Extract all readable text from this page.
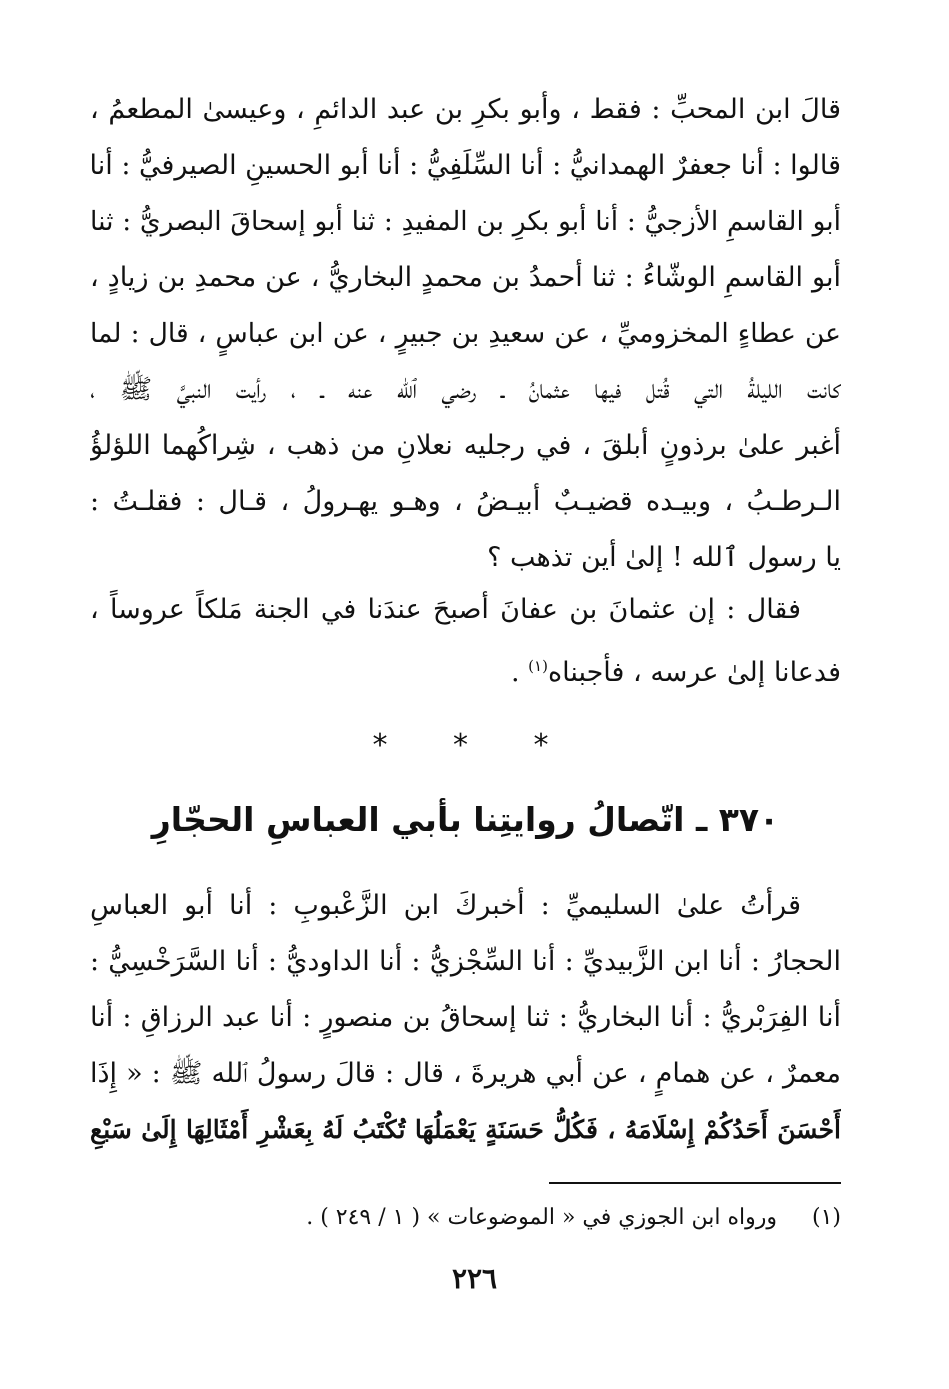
قالَ ابن المحبِّ : فقط ، وأبو بكرِ بن عبد الدائمِ ، وعيسىٰ المطعمُ ،
قالوا : أنا جعفرٌ الهمدانيُّ : أنا السِّلَفِيُّ : أنا أبو الحسينِ الصيرفيُّ : أنا
أبو القاسمِ الأزجيُّ : أنا أبو بكرِ بن المفيدِ : ثنا أبو إسحاقَ البصريُّ : ثنا
أبو القاسمِ الوشّاءُ : ثنا أحمدُ بن محمدٍ البخاريُّ ، عن محمدِ بن زيادٍ ،
عن عطاءٍ المخزوميِّ ، عن سعيدِ بن جبيرٍ ، عن ابن عباسٍ ، قال : لما
كانت الليلةُ التي قُتل فيها عثمانُ ـ رضي ٱلله عنه ـ ، رأيت النبيَّ ﷺ ،
أغبر علىٰ برذونٍ أبلقَ ، في رجليه نعلانِ من ذهب ، شِراكُهما اللؤلؤُ
الـرطـبُ ، وبيـده قضيـبٌ أبيـضُ ، وهـو يهـرولُ ، قـال : فقلـتُ :
يا رسول ٱلله ! إلىٰ أين تذهب ؟
فقال : إن عثمانَ بن عفانَ أصبحَ عندَنا في الجنة مَلكاً عروساً ،
فدعانا إلىٰ عرسه ، فأجبناه$^{(١)}$ .
* * *
٣٧٠ ـ اتّصالُ روايتِنا بأبي العباسِ الحجّارِ
قرأتُ علىٰ السليميِّ : أخبركَ ابن الزَّعْبوبِ : أنا أبو العباسِ
الحجارُ : أنا ابن الزَّبيديِّ : أنا السِّجْزيُّ : أنا الداوديُّ : أنا السَّرَخْسِيُّ :
أنا الفِرَبْريُّ : أنا البخاريُّ : ثنا إسحاقُ بن منصورٍ : أنا عبد الرزاقِ : أنا
معمرٌ ، عن همامٍ ، عن أبي هريرةَ ، قال : قالَ رسولُ ٱلله ﷺ : « إِذَا
أَحْسَنَ أَحَدُكُمْ إِسْلَامَهُ ، فَكُلُّ حَسَنَةٍ يَعْمَلُهَا تُكْتَبُ لَهُ بِعَشْرِ أَمْثَالِهَا إِلَىٰ سَبْعِ
(١) ورواه ابن الجوزي في « الموضوعات » ( ١ / ٢٤٩ ) .
٢٢٦
